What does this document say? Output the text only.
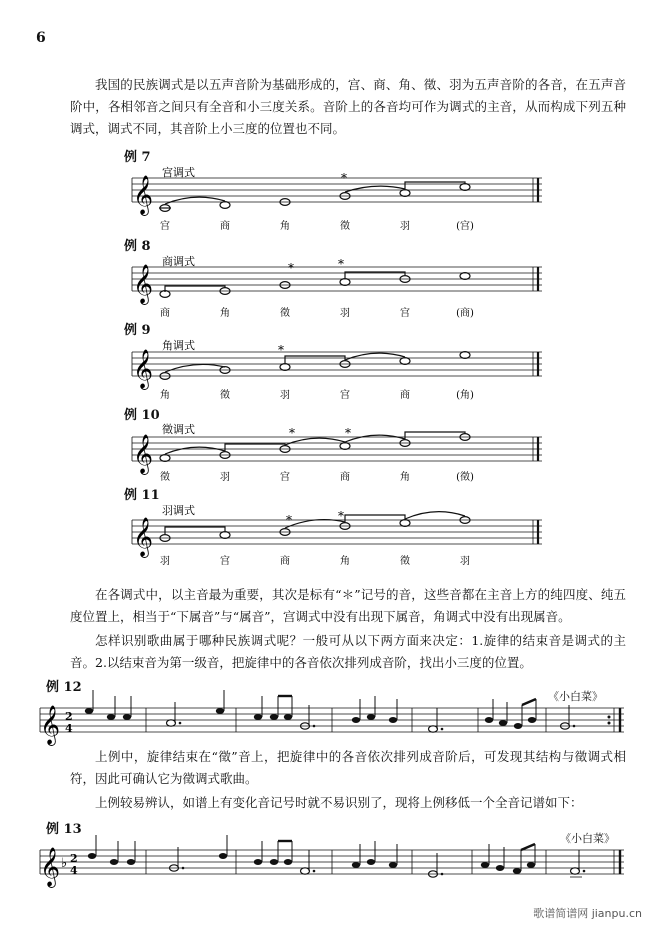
6

我国的民族调式是以五声音阶为基础形成的，宫、商、角、徵、羽为五声音阶的各音，在五声音阶中，各相邻音之间只有全音和小三度关系。音阶上的各音均可作为调式的主音，从而构成下列五种调式，调式不同，其音阶上小三度的位置也不同。

例 7
例 8
例 9
例 10
例 11
𝄞
宫调式	*
宫	商	角	徵	羽	(宫)
𝄞
商调式	*	*
商	角	徵	羽	宫	(商)
𝄞
角调式	*
角	徵	羽	宫	商	(角)
𝄞
徵调式	*	*
徵	羽	宫	商	角	(徵)
𝄞
羽调式
*	*
羽	宫	商	角	徵	羽
𝄞 2
4
𝄞 ♭ 2
4

在各调式中，以主音最为重要，其次是标有“＊”记号的音，这些音都在主音上方的纯四度、纯五度位置上，相当于“下属音”与“属音”，宫调式中没有出现下属音，角调式中没有出现属音。

怎样识别歌曲属于哪种民族调式呢？一般可从以下两方面来决定：1.旋律的结束音是调式的主音。2.以结束音为第一级音，把旋律中的各音依次排列成音阶，找出小三度的位置。

例 12
《小白菜》

上例中，旋律结束在“徵”音上，把旋律中的各音依次排列成音阶后，可发现其结构与徵调式相符，因此可确认它为徵调式歌曲。

上例较易辨认，如谱上有变化音记号时就不易识别了，现将上例移低一个全音记谱如下：

例 13
《小白菜》
歌谱简谱网 jianpu.cn
